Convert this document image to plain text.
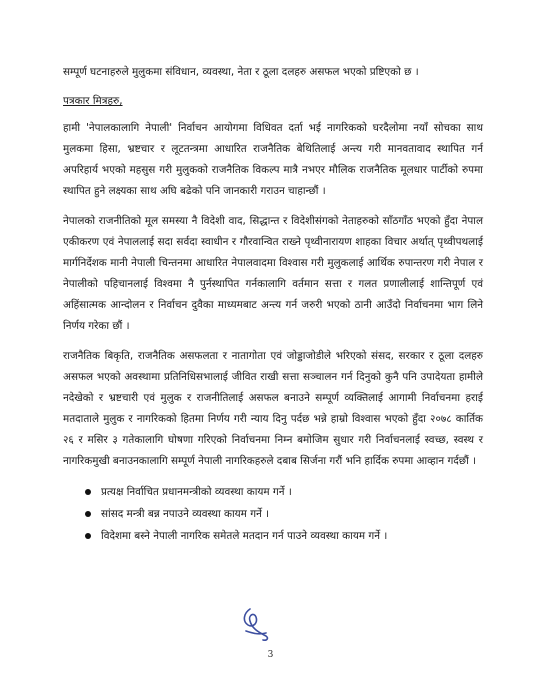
सम्पूर्ण घटनाहरुले मुलुकमा संविधान, व्यवस्था, नेता र ठूला दलहरु असफल भएको प्रष्टिएको छ ।

पत्रकार मित्रहरु,

हामी 'नेपालकालागि नेपाली' निर्वाचन आयोगमा विधिवत दर्ता भई नागरिकको घरदैलोमा नयाँ सोचका साथ मुलकमा हिसा, भ्रष्टचार र लूटतन्त्रमा आधारित राजनैतिक बेथितिलाई अन्त्य गरी मानवतावाद स्थापित गर्न अपरिहार्य भएको महसुस गरी मुलुकको राजनैतिक विकल्प मात्रै नभएर मौलिक राजनैतिक मूलधार पार्टीको रुपमा स्थापित हुने लक्ष्यका साथ अघि बढेको पनि जानकारी गराउन चाहान्छौं ।

नेपालको राजनीतिको मूल समस्या नै विदेशी वाद, सिद्धान्त र विदेशीसंगको नेताहरुको साँठगाँठ भएको हुँदा नेपाल एकीकरण एवं नेपाललाई सदा सर्वदा स्वाधीन र गौरवान्वित राख्ने पृथ्वीनारायण शाहका विचार अर्थात् पृथ्वीपथलाई मार्गनिर्देशक मानी नेपाली चिन्तनमा आधारित नेपालवादमा विश्वास गरी मुलुकलाई आर्थिक रुपान्तरण गरी नेपाल र नेपालीको पहिचानलाई विश्वमा नै पुर्नस्थापित गर्नकालागि वर्तमान सत्ता र गलत प्रणालीलाई शान्तिपूर्ण एवं अहिंसात्मक आन्दोलन र निर्वाचन दुवैका माध्यमबाट अन्त्य गर्न जरुरी भएको ठानी आउँदो निर्वाचनमा भाग लिने निर्णय गरेका छौं ।

राजनैतिक बिकृति, राजनैतिक असफलता र नातागोता एवं जोड्डाजोडीले भरिएको संसद, सरकार र ठूला दलहरु असफल भएको अवस्थामा प्रतिनिधिसभालाई जीवित राखी सत्ता सञ्चालन गर्न दिनुको कुनै पनि उपादेयता हामीले नदेखेको र भ्रष्टचारी एवं मुलुक र राजनीतिलाई असफल बनाउने सम्पूर्ण व्यक्तिलाई आगामी निर्वाचनमा हराई मतदाताले मुलुक र नागरिकको हितमा निर्णय गरी न्याय दिनु पर्दछ भन्ने हाम्रो विश्वास भएको हुँदा २०७८ कार्तिक २६ र मसिर ३ गतेकालागि घोषणा गरिएको निर्वाचनमा निम्न बमोजिम सुधार गरी निर्वाचनलाई स्वच्छ, स्वस्थ र नागरिकमुखी बनाउनकालागि सम्पूर्ण नेपाली नागरिकहरुले दबाब सिर्जना गरौं भनि हार्दिक रुपमा आव्हान गर्दछौं ।

प्रत्यक्ष निर्वाचित प्रधानमन्त्रीको व्यवस्था कायम गर्ने ।
सांसद मन्त्री बन्न नपाउने व्यवस्था कायम गर्ने ।
विदेशमा बस्ने नेपाली नागरिक समेतले मतदान गर्न पाउने व्यवस्था कायम गर्ने ।
3
